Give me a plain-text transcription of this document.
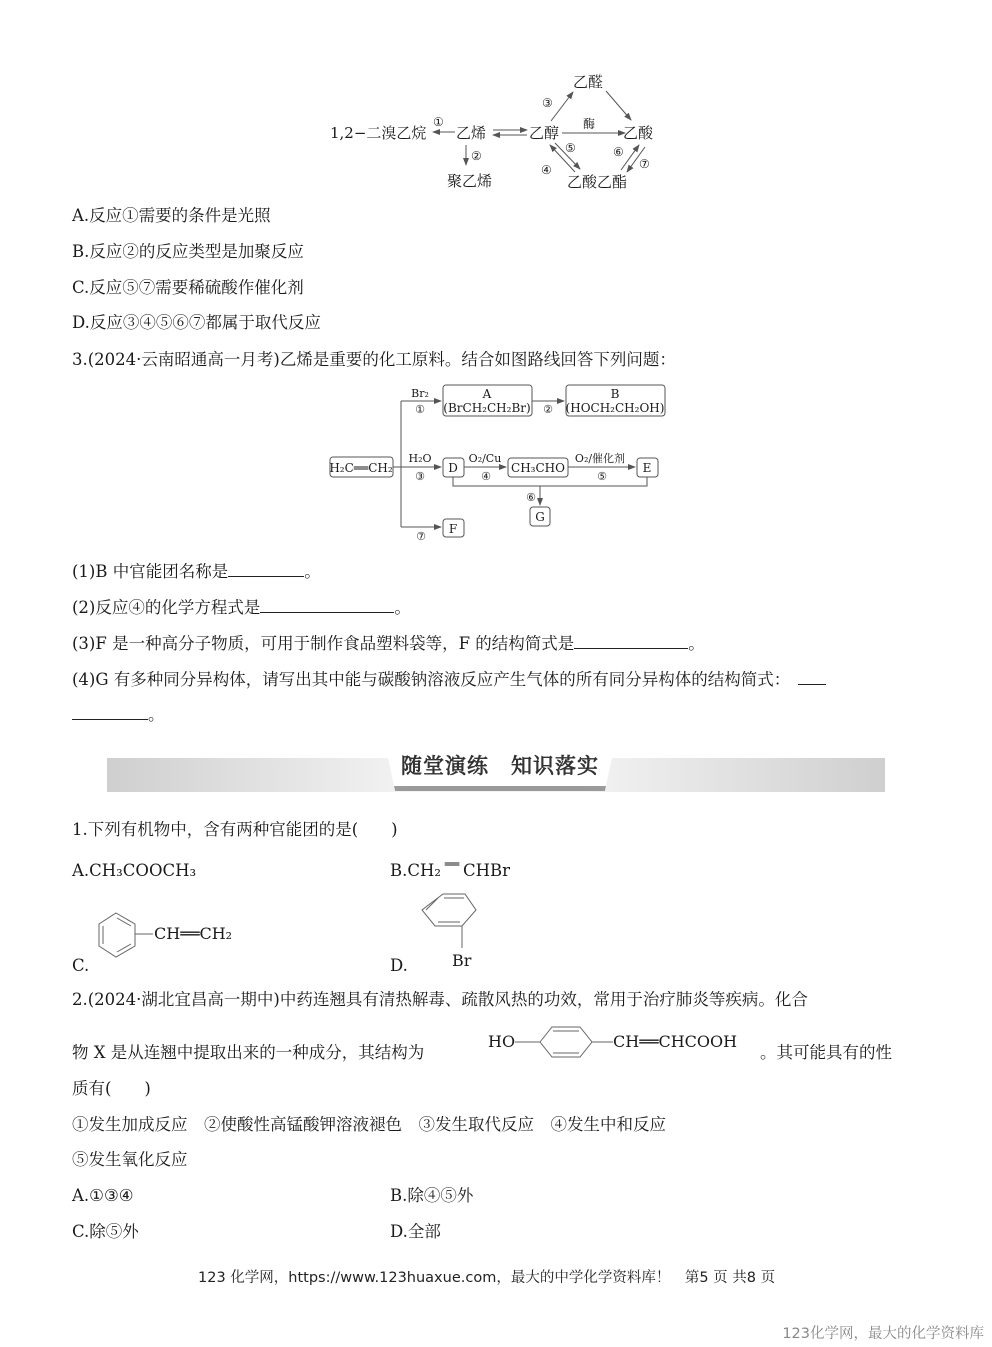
1,2−二溴乙烷 乙烯	乙醇
乙醛
乙酸
乙酸乙酯
聚乙烯
①
②
③
④
⑤	⑥
⑦
酶
A.反应①需要的条件是光照
B.反应②的反应类型是加聚反应
C.反应⑤⑦需要稀硫酸作催化剂
D.反应③④⑤⑥⑦都属于取代反应
3.(2024·云南昭通高一月考)乙烯是重要的化工原料。结合如图路线回答下列问题：
H₂C══CH₂
A
(BrCH₂CH₂Br)
B
(HOCH₂CH₂OH)
D	CH₃CHO	E
G
F
Br₂
①	②
H₂O
③
O₂/Cu
④
O₂/催化剂
⑤
⑥
⑦
(1)B 中官能团名称是	。
(2)反应④的化学方程式是	。
(3)F 是一种高分子物质，可用于制作食品塑料袋等，F 的结构简式是	。
(4)G 有多种同分异构体，请写出其中能与碳酸钠溶液反应产生气体的所有同分异构体的结构简式：
。
随堂演练　知识落实
1.下列有机物中，含有两种官能团的是(　　)
A.CH₃COOCH₃	B.CH₂ ══ CHBr
C.
CH══CH₂
D.	Br
2.(2024·湖北宜昌高一期中)中药连翘具有清热解毒、疏散风热的功效，常用于治疗肺炎等疾病。化合
物 X 是从连翘中提取出来的一种成分，其结构为
HO	CH══CHCOOH
。其可能具有的性
质有(　　)
①发生加成反应　②使酸性高锰酸钾溶液褪色　③发生取代反应　④发生中和反应
⑤发生氧化反应
A.①③④	B.除④⑤外
C.除⑤外	D.全部
123 化学网，https://www.123huaxue.com，最大的中学化学资料库！　第5 页 共8 页
123化学网，最大的化学资料库
